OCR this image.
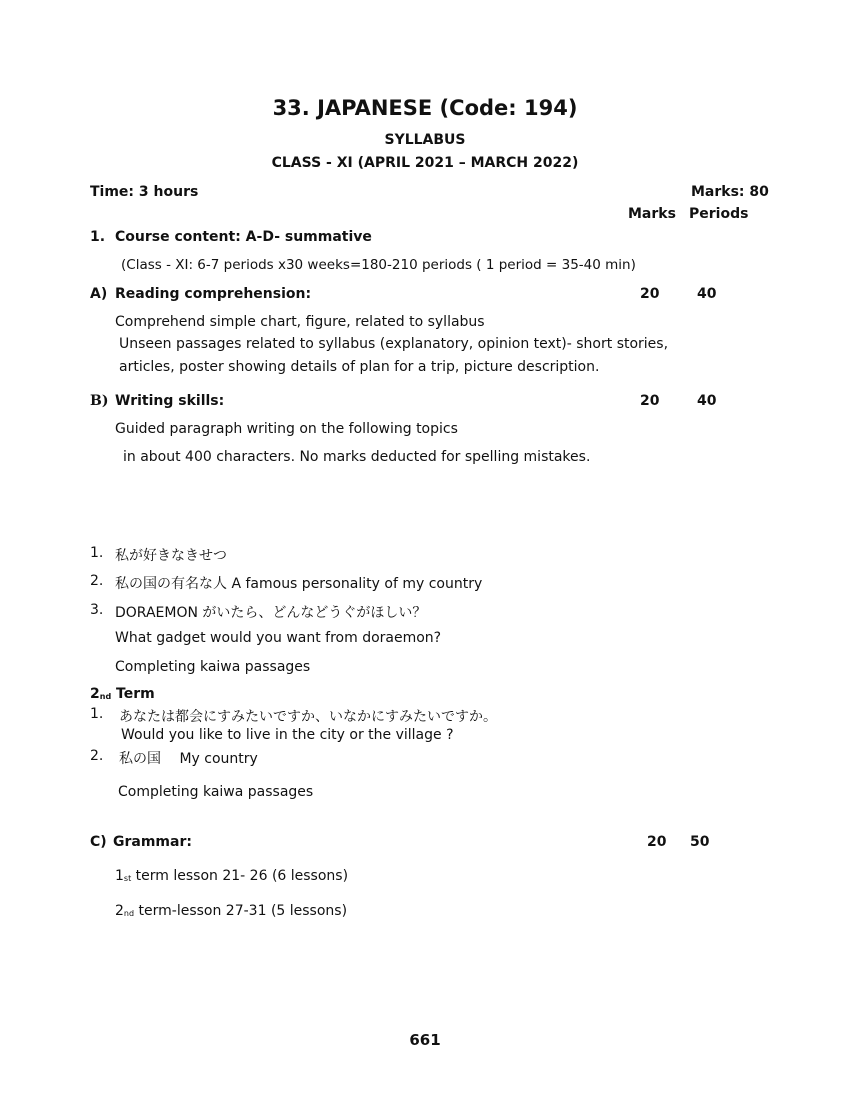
33. JAPANESE (Code: 194)
SYLLABUS
CLASS - XI (APRIL 2021 – MARCH 2022)
Time: 3 hours	Marks: 80
Marks Periods
1. Course content: A-D- summative
(Class - XI: 6-7 periods x30 weeks=180-210 periods ( 1 period = 35-40 min)
A) Reading comprehension:	20	40
Comprehend simple chart, figure, related to syllabus
Unseen passages related to syllabus (explanatory, opinion text)- short stories,
articles, poster showing details of plan for a trip, picture description.
B) Writing skills:	20	40
Guided paragraph writing on the following topics
in about 400 characters. No marks deducted for spelling mistakes.
1. 私が好きなきせつ
2. 私の国の有名な人 A famous personality of my country
3. DORAEMON がいたら、どんなどうぐがほしい？
What gadget would you want from doraemon?
Completing kaiwa passages
$2_{nd}$ Term
1. あなたは都会にすみたいですか、いなかにすみたいですか。
Would you like to live in the city or the village ?
2. 私の国　 My country
Completing kaiwa passages
C) Grammar:	20 50
$1_{st}$ term lesson 21- 26 (6 lessons)
$2_{nd}$ term-lesson 27-31 (5 lessons)
661
